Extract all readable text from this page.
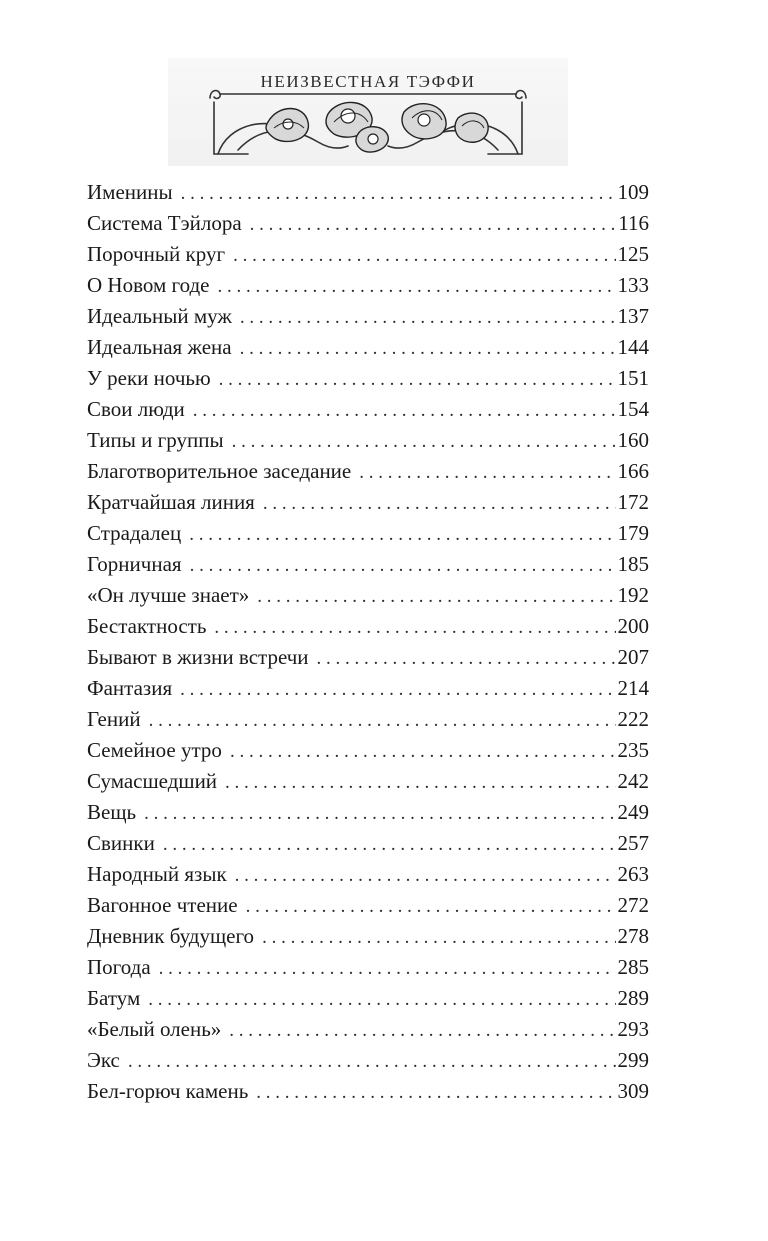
НЕИЗВЕСТНАЯ ТЭФФИ
Именины . . .	109
Система Тэйлора . . .	116
Порочный круг . . .	125
О Новом годе . . .	133
Идеальный муж . . .	137
Идеальная жена . . .	144
У реки ночью . . .	151
Свои люди . . .	154
Типы и группы . . .	160
Благотворительное заседание . . .	166
Кратчайшая линия . . .	172
Страдалец . . .	179
Горничная . . .	185
«Он лучше знает» . . .	192
Бестактность . . .	200
Бывают в жизни встречи . . .	207
Фантазия . . .	214
Гений . . .	222
Семейное утро . . .	235
Сумасшедший . . .	242
Вещь . . .	249
Свинки . . .	257
Народный язык . . .	263
Вагонное чтение . . .	272
Дневник будущего . . .	278
Погода . . .	285
Батум . . .	289
«Белый олень» . . .	293
Экс . . .	299
Бел-горюч камень . . .	309
